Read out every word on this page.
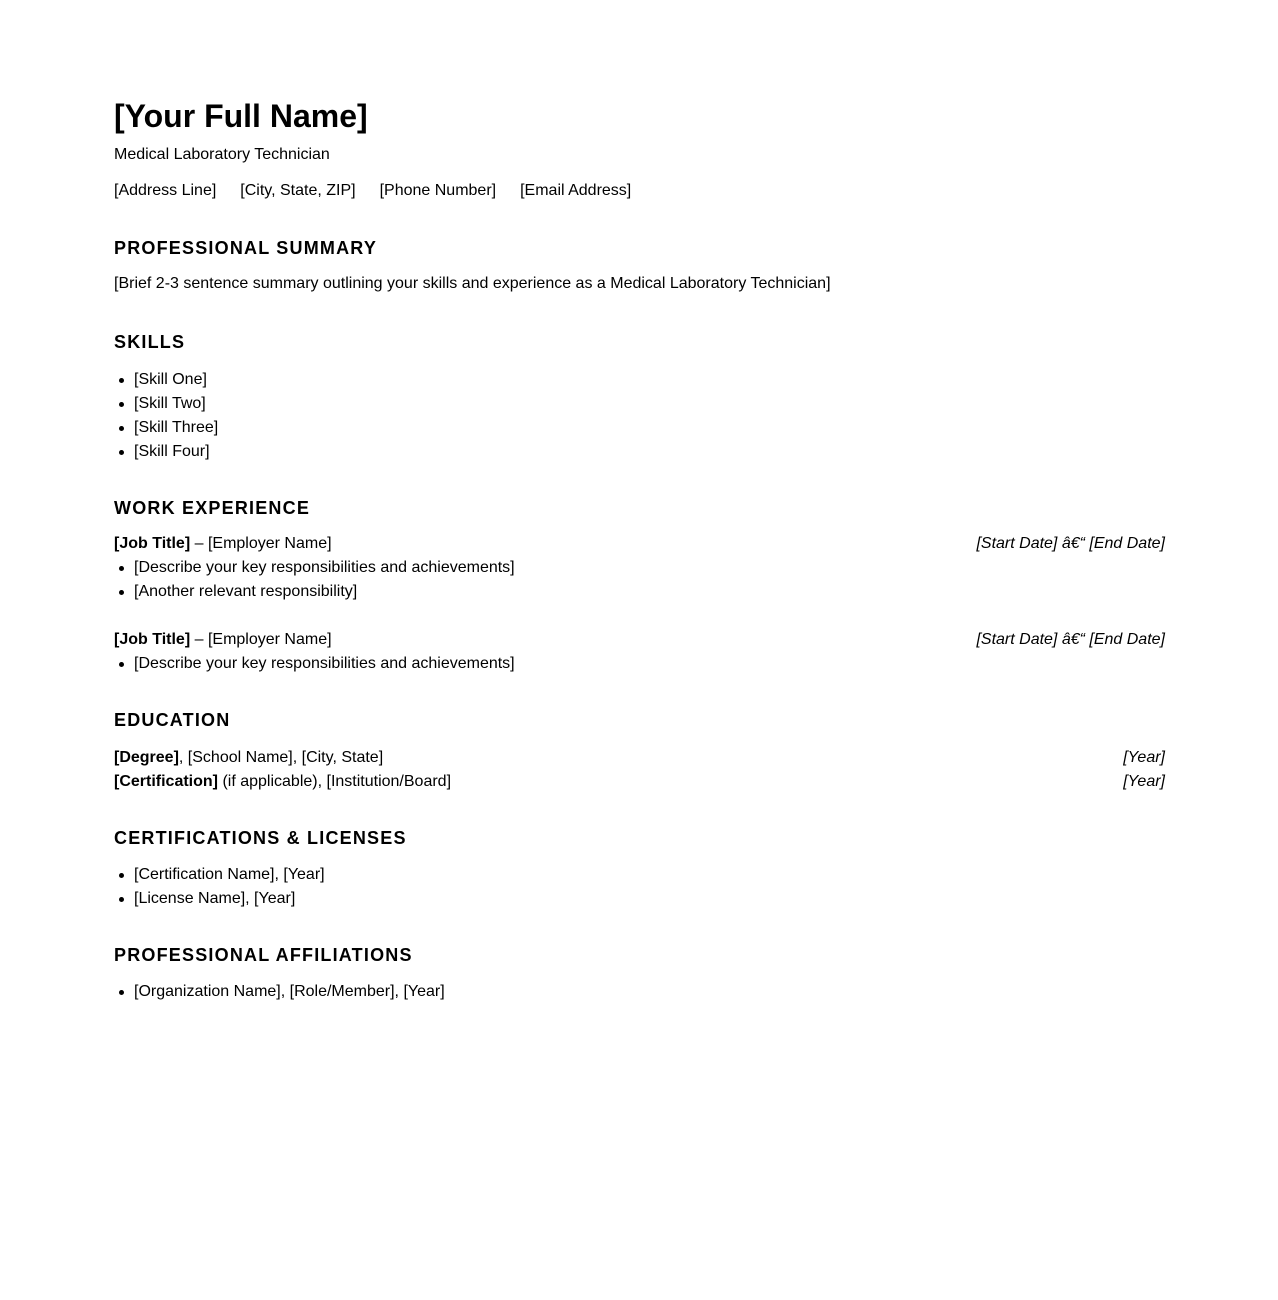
[Your Full Name]
Medical Laboratory Technician
[Address Line] [City, State, ZIP] [Phone Number] [Email Address]
PROFESSIONAL SUMMARY
[Brief 2-3 sentence summary outlining your skills and experience as a Medical Laboratory Technician]
SKILLS
[Skill One]
[Skill Two]
[Skill Three]
[Skill Four]
WORK EXPERIENCE
[Job Title] – [Employer Name]	[Start Date] â€“ [End Date]
[Describe your key responsibilities and achievements]
[Another relevant responsibility]
[Job Title] – [Employer Name]	[Start Date] â€“ [End Date]
[Describe your key responsibilities and achievements]
EDUCATION
[Degree], [School Name], [City, State]	[Year]
[Certification] (if applicable), [Institution/Board]	[Year]
CERTIFICATIONS & LICENSES
[Certification Name], [Year]
[License Name], [Year]
PROFESSIONAL AFFILIATIONS
[Organization Name], [Role/Member], [Year]
